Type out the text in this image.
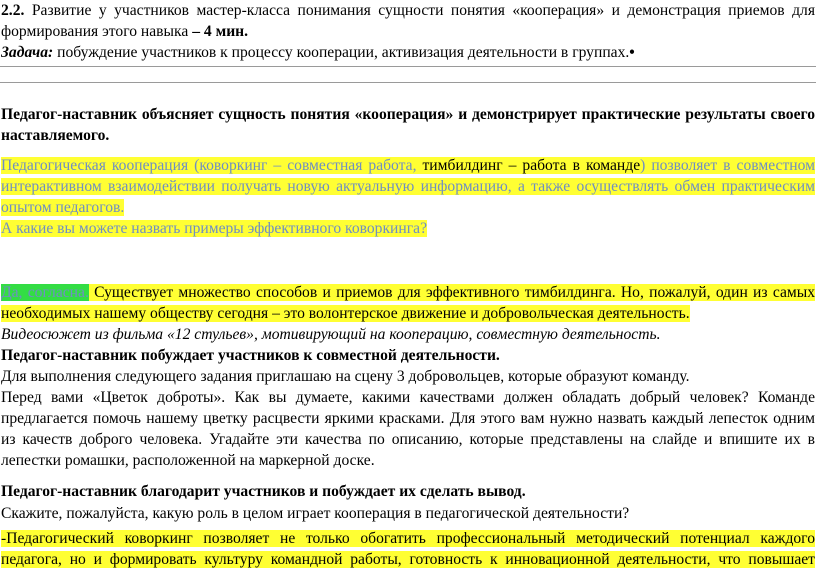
2.2. Развитие у участников мастер-класса понимания сущности понятия «кооперация» и демонстрация приемов для
формирования этого навыка – 4 мин.
Задача: побуждение участников к процессу кооперации, активизация деятельности в группах.•
Педагог-наставник объясняет сущность понятия «кооперация» и демонстрирует практические результаты своего
наставляемого.
Педагогическая кооперация (коворкинг – совместная работа, тимбилдинг – работа в команде) позволяет в совместном
интерактивном взаимодействии получать новую актуальную информацию, а также осуществлять обмен практическим
опытом педагогов.
А какие вы можете назвать примеры эффективного коворкинга?
Да, согласна. Существует множество способов и приемов для эффективного тимбилдинга. Но, пожалуй, один из самых
необходимых нашему обществу сегодня – это волонтерское движение и добровольческая деятельность.
Видеосюжет из фильма «12 стульев», мотивирующий на кооперацию, совместную деятельность.
Педагог-наставник побуждает участников к совместной деятельности.
Для выполнения следующего задания приглашаю на сцену 3 добровольцев, которые образуют команду.
Перед вами «Цветок доброты». Как вы думаете, какими качествами должен обладать добрый человек? Команде
предлагается помочь нашему цветку расцвести яркими красками. Для этого вам нужно назвать каждый лепесток одним
из качеств доброго человека. Угадайте эти качества по описанию, которые представлены на слайде и впишите их в
лепестки ромашки, расположенной на маркерной доске.
Педагог-наставник благодарит участников и побуждает их сделать вывод.
Скажите, пожалуйста, какую роль в целом играет кооперация в педагогической деятельности?
-Педагогический коворкинг позволяет не только обогатить профессиональный методический потенциал каждого
педагога, но и формировать культуру командной работы, готовность к инновационной деятельности, что повышает
